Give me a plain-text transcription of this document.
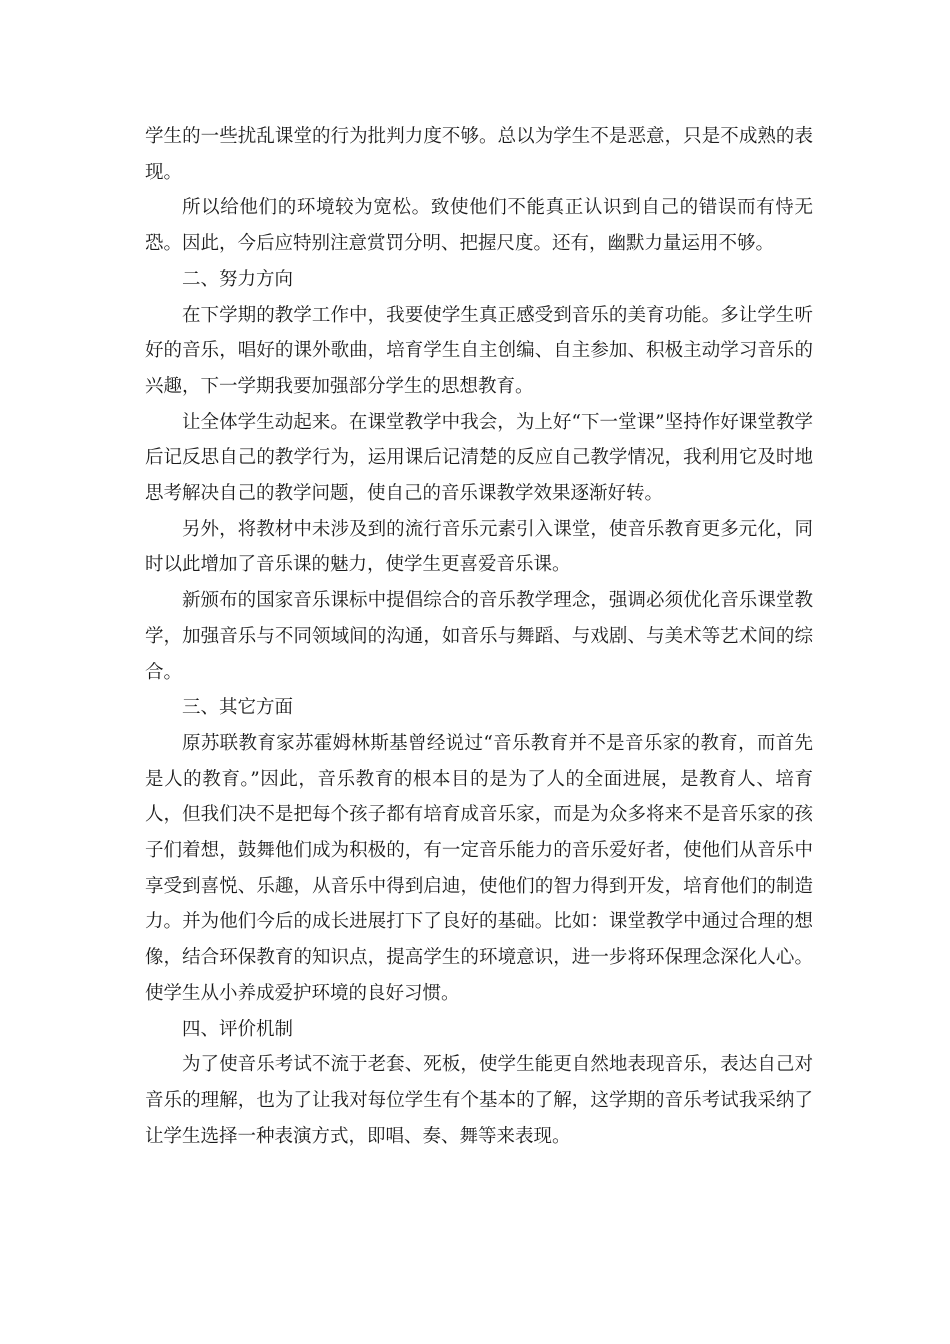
学生的一些扰乱课堂的行为批判力度不够。总以为学生不是恶意，只是不成熟的表现。

所以给他们的环境较为宽松。致使他们不能真正认识到自己的错误而有恃无恐。因此，今后应特别注意赏罚分明、把握尺度。还有，幽默力量运用不够。

二、努力方向

在下学期的教学工作中，我要使学生真正感受到音乐的美育功能。多让学生听好的音乐，唱好的课外歌曲，培育学生自主创编、自主参加、积极主动学习音乐的兴趣，下一学期我要加强部分学生的思想教育。

让全体学生动起来。在课堂教学中我会，为上好“下一堂课”坚持作好课堂教学后记反思自己的教学行为，运用课后记清楚的反应自己教学情况，我利用它及时地思考解决自己的教学问题，使自己的音乐课教学效果逐渐好转。

另外，将教材中未涉及到的流行音乐元素引入课堂，使音乐教育更多元化，同时以此增加了音乐课的魅力，使学生更喜爱音乐课。

新颁布的国家音乐课标中提倡综合的音乐教学理念，强调必须优化音乐课堂教学，加强音乐与不同领域间的沟通，如音乐与舞蹈、与戏剧、与美术等艺术间的综合。

三、其它方面

原苏联教育家苏霍姆林斯基曾经说过“音乐教育并不是音乐家的教育，而首先是人的教育。”因此，音乐教育的根本目的是为了人的全面进展，是教育人、培育人，但我们决不是把每个孩子都有培育成音乐家，而是为众多将来不是音乐家的孩子们着想，鼓舞他们成为积极的，有一定音乐能力的音乐爱好者，使他们从音乐中享受到喜悦、乐趣，从音乐中得到启迪，使他们的智力得到开发，培育他们的制造力。并为他们今后的成长进展打下了良好的基础。比如：课堂教学中通过合理的想像，结合环保教育的知识点，提高学生的环境意识，进一步将环保理念深化人心。使学生从小养成爱护环境的良好习惯。

四、评价机制

为了使音乐考试不流于老套、死板，使学生能更自然地表现音乐，表达自己对音乐的理解，也为了让我对每位学生有个基本的了解，这学期的音乐考试我采纳了让学生选择一种表演方式，即唱、奏、舞等来表现。
